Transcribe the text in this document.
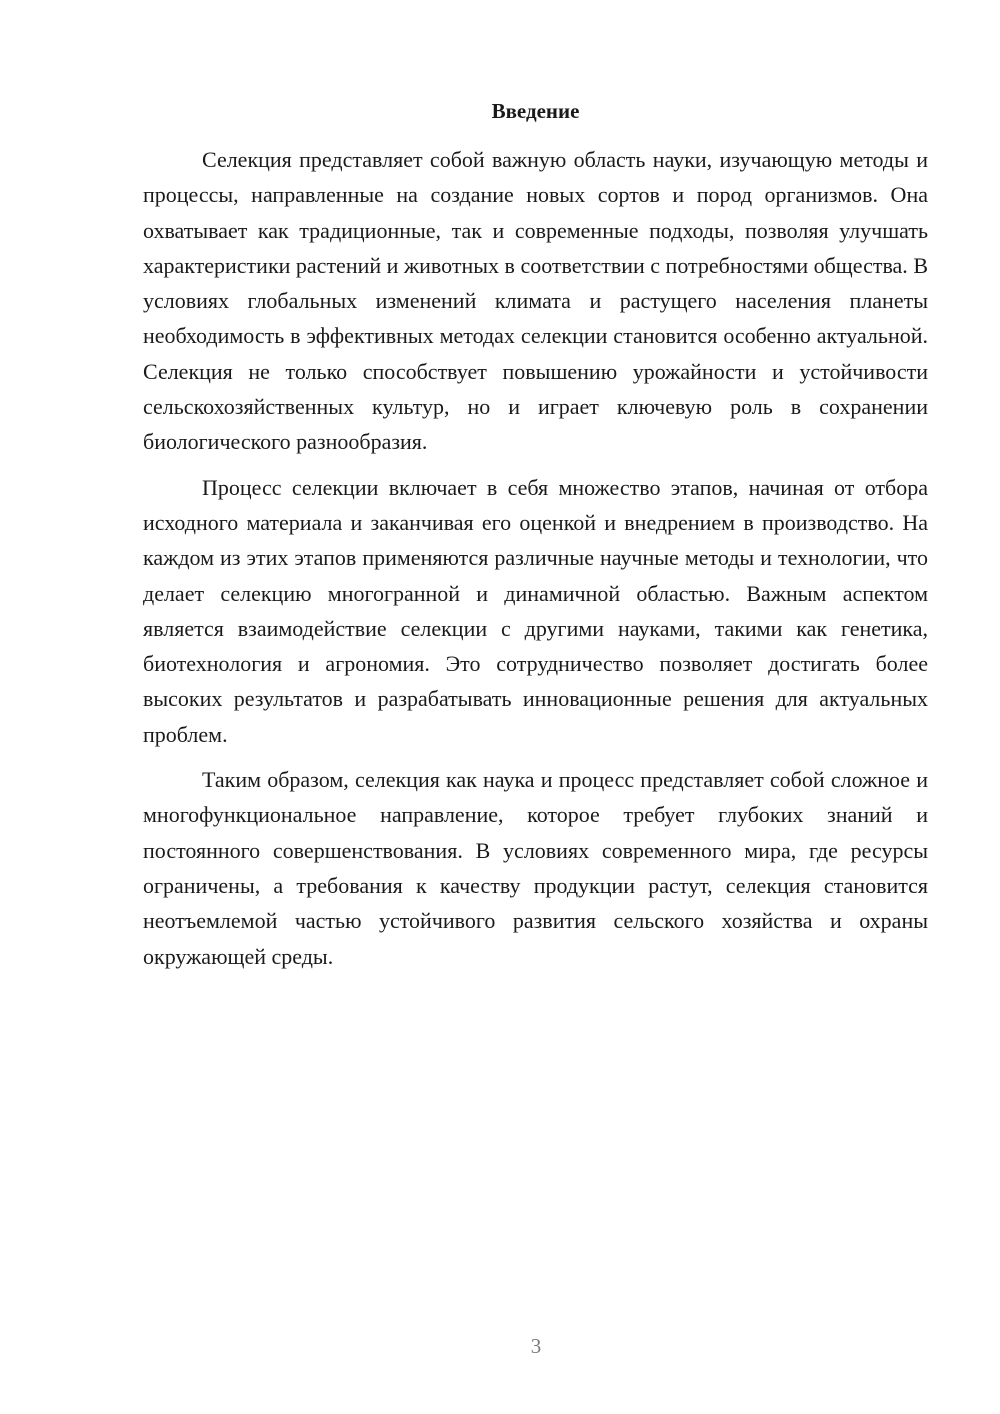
Введение

Селекция представляет собой важную область науки, изучающую методы и процессы, направленные на создание новых сортов и пород организмов. Она охватывает как традиционные, так и современные подходы, позволяя улучшать характеристики растений и животных в соответствии с потребностями общества. В условиях глобальных изменений климата и растущего населения планеты необходимость в эффективных методах селекции становится особенно актуальной. Селекция не только способствует повышению урожайности и устойчивости сельскохозяйственных культур, но и играет ключевую роль в сохранении биологического разнообразия.

Процесс селекции включает в себя множество этапов, начиная от отбора исходного материала и заканчивая его оценкой и внедрением в производство. На каждом из этих этапов применяются различные научные методы и технологии, что делает селекцию многогранной и динамичной областью. Важным аспектом является взаимодействие селекции с другими науками, такими как генетика, биотехнология и агрономия. Это сотрудничество позволяет достигать более высоких результатов и разрабатывать инновационные решения для актуальных проблем.

Таким образом, селекция как наука и процесс представляет собой сложное и многофункциональное направление, которое требует глубоких знаний и постоянного совершенствования. В условиях современного мира, где ресурсы ограничены, а требования к качеству продукции растут, селекция становится неотъемлемой частью устойчивого развития сельского хозяйства и охраны окружающей среды.

3
